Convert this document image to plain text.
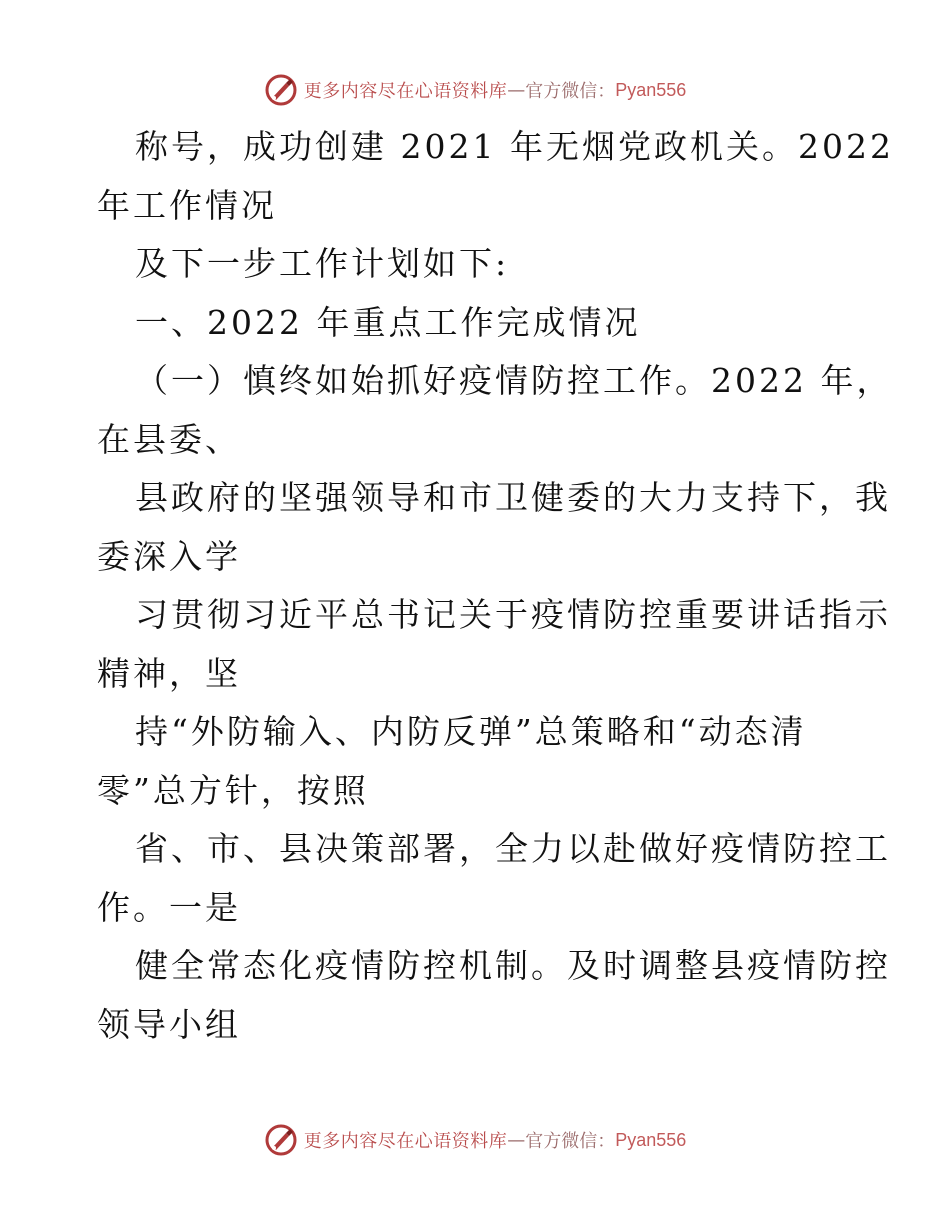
更多内容尽在心语资料库 — 官方微信： Pyan556
称号，成功创建 2021 年无烟党政机关。2022
年工作情况
及下一步工作计划如下:
一、2022 年重点工作完成情况
（一）慎终如始抓好疫情防控工作。2022 年，
在县委、
县政府的坚强领导和市卫健委的大力支持下，我
委深入学
习贯彻习近平总书记关于疫情防控重要讲话指示
精神，坚
持“外防输入、内防反弹”总策略和“动态清
零”总方针，按照
省、市、县决策部署，全力以赴做好疫情防控工
作。一是
健全常态化疫情防控机制。及时调整县疫情防控
领导小组
更多内容尽在心语资料库 — 官方微信： Pyan556
